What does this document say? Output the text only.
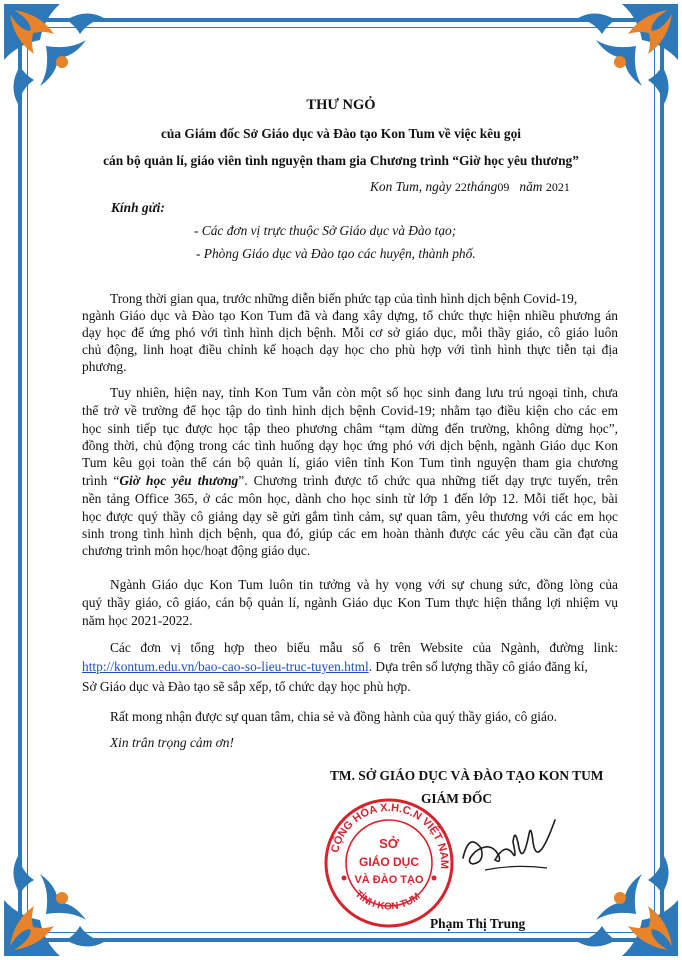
THƯ NGỎ
của Giám đốc Sở Giáo dục và Đào tạo Kon Tum về việc kêu gọi
cán bộ quản lí, giáo viên tình nguyện tham gia Chương trình “Giờ học yêu thương”
Kon Tum, ngày 22tháng09 năm 2021
Kính gửi:
- Các đơn vị trực thuộc Sở Giáo dục và Đào tạo;
- Phòng Giáo dục và Đào tạo các huyện, thành phố.
Trong thời gian qua, trước những diễn biến phức tạp của tình hình dịch bệnh Covid-19,
ngành Giáo dục và Đào tạo Kon Tum đã và đang xây dựng, tổ chức thực hiện nhiều phương án
dạy học để ứng phó với tình hình dịch bệnh. Mỗi cơ sở giáo dục, mỗi thầy giáo, cô giáo luôn
chủ động, linh hoạt điều chỉnh kế hoạch dạy học cho phù hợp với tình hình thực tiễn tại địa
phương.
Tuy nhiên, hiện nay, tỉnh Kon Tum vẫn còn một số học sinh đang lưu trú ngoại tỉnh, chưa
thể trở về trường để học tập do tình hình dịch bệnh Covid-19; nhằm tạo điều kiện cho các em
học sinh tiếp tục được học tập theo phương châm “tạm dừng đến trường, không dừng học”,
đồng thời, chủ động trong các tình huống dạy học ứng phó với dịch bệnh, ngành Giáo dục Kon
Tum kêu gọi toàn thể cán bộ quản lí, giáo viên tỉnh Kon Tum tình nguyện tham gia chương
trình “Giờ học yêu thương”. Chương trình được tổ chức qua những tiết dạy trực tuyến, trên
nền tảng Office 365, ở các môn học, dành cho học sinh từ lớp 1 đến lớp 12. Mỗi tiết học, bài
học được quý thầy cô giảng dạy sẽ gửi gắm tình cảm, sự quan tâm, yêu thương với các em học
sinh trong tình hình dịch bệnh, qua đó, giúp các em hoàn thành được các yêu cầu cần đạt của
chương trình môn học/hoạt động giáo dục.
Ngành Giáo dục Kon Tum luôn tin tưởng và hy vọng với sự chung sức, đồng lòng của
quý thầy giáo, cô giáo, cán bộ quản lí, ngành Giáo dục Kon Tum thực hiện thắng lợi nhiệm vụ
năm học 2021-2022.
Các đơn vị tổng hợp theo biểu mẫu số 6 trên Website của Ngành, đường link:
http://kontum.edu.vn/bao-cao-so-lieu-truc-tuyen.html. Dựa trên số lượng thầy cô giáo đăng kí,
Sở Giáo dục và Đào tạo sẽ sắp xếp, tổ chức dạy học phù hợp.
Rất mong nhận được sự quan tâm, chia sẻ và đồng hành của quý thầy giáo, cô giáo.
Xin trân trọng cảm ơn!
TM. SỞ GIÁO DỤC VÀ ĐÀO TẠO KON TUM
GIÁM ĐỐC
CỘNG HÒA X.H.C.N VIỆT NAM
TỈNH KON TUM
SỞ
GIÁO DỤC
VÀ ĐÀO TẠO
Phạm Thị Trung
